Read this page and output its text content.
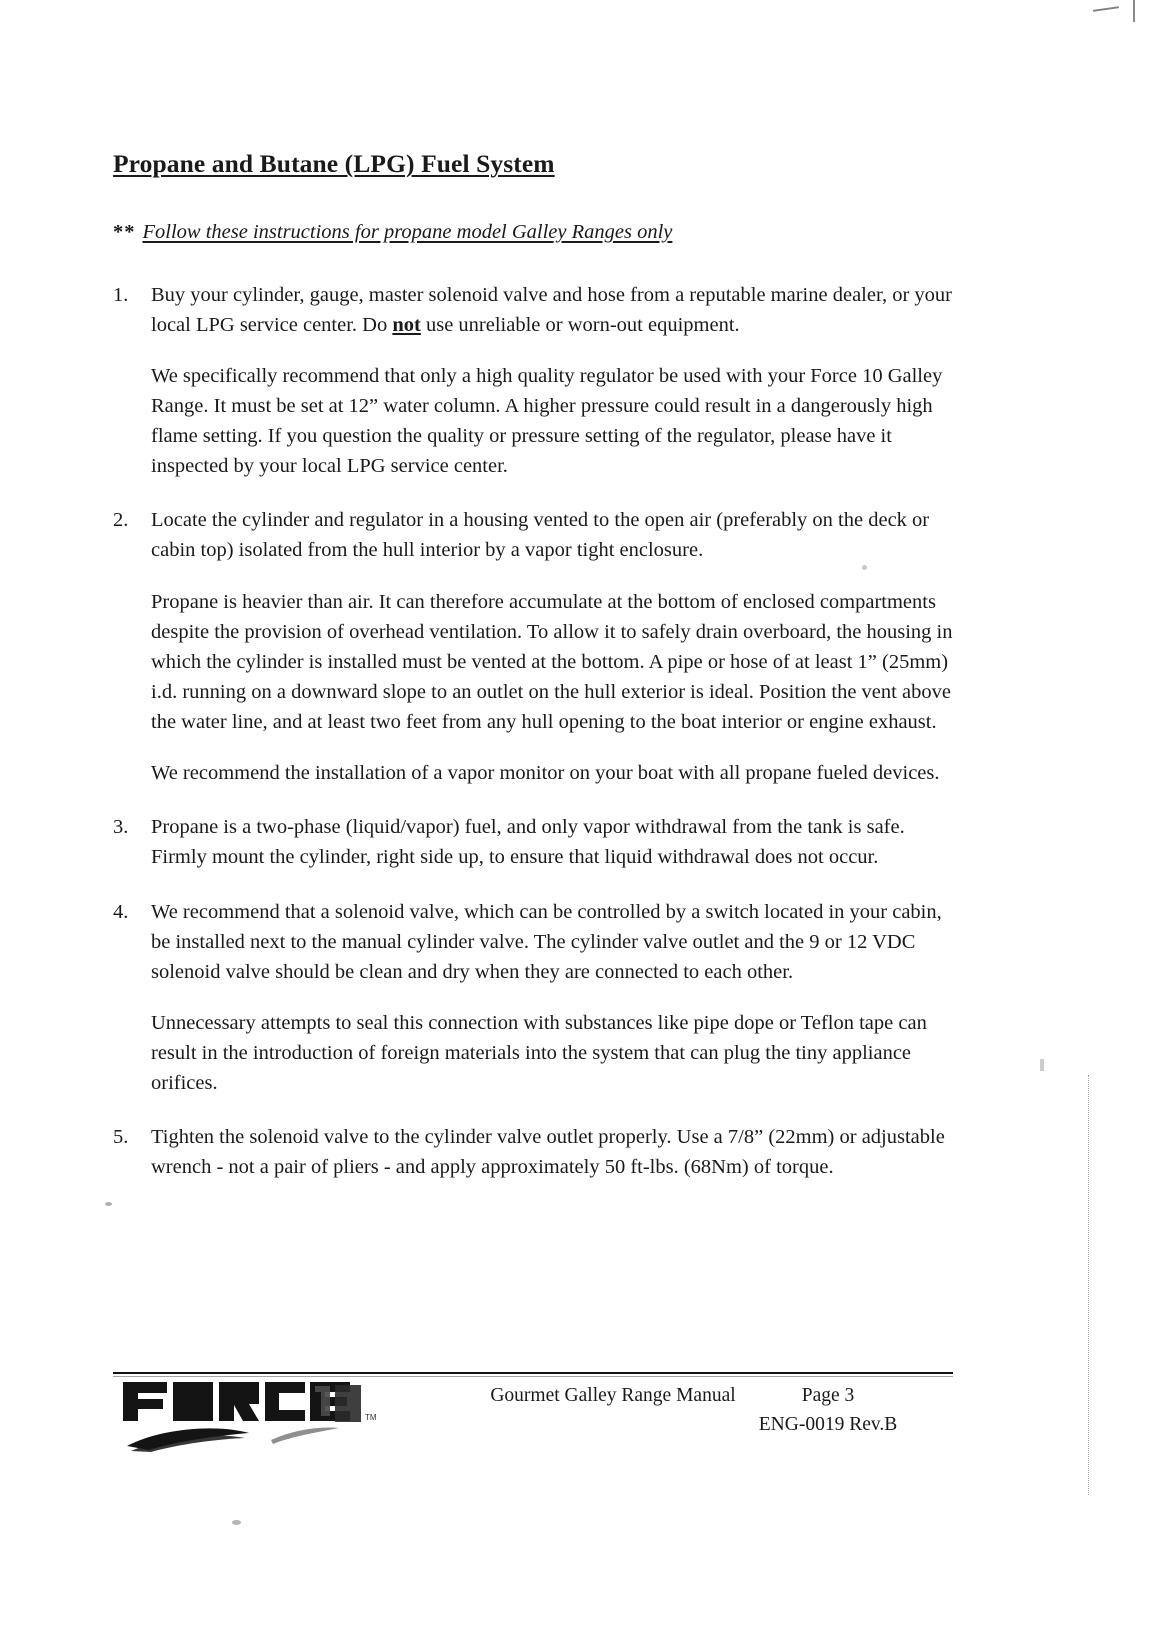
Propane and Butane (LPG) Fuel System
** Follow these instructions for propane model Galley Ranges only
1.	Buy your cylinder, gauge, master solenoid valve and hose from a reputable marine dealer, or your local LPG service center. Do not use unreliable or worn-out equipment.

We specifically recommend that only a high quality regulator be used with your Force 10 Galley Range. It must be set at 12” water column. A higher pressure could result in a dangerously high flame setting. If you question the quality or pressure setting of the regulator, please have it inspected by your local LPG service center.

2.	Locate the cylinder and regulator in a housing vented to the open air (preferably on the deck or cabin top) isolated from the hull interior by a vapor tight enclosure.

Propane is heavier than air. It can therefore accumulate at the bottom of enclosed compartments despite the provision of overhead ventilation. To allow it to safely drain overboard, the housing in which the cylinder is installed must be vented at the bottom. A pipe or hose of at least 1” (25mm) i.d. running on a downward slope to an outlet on the hull exterior is ideal. Position the vent above the water line, and at least two feet from any hull opening to the boat interior or engine exhaust.

We recommend the installation of a vapor monitor on your boat with all propane fueled devices.

3.	Propane is a two-phase (liquid/vapor) fuel, and only vapor withdrawal from the tank is safe. Firmly mount the cylinder, right side up, to ensure that liquid withdrawal does not occur.

4.	We recommend that a solenoid valve, which can be controlled by a switch located in your cabin, be installed next to the manual cylinder valve. The cylinder valve outlet and the 9 or 12 VDC solenoid valve should be clean and dry when they are connected to each other.

Unnecessary attempts to seal this connection with substances like pipe dope or Teflon tape can result in the introduction of foreign materials into the system that can plug the tiny appliance orifices.

5.	Tighten the solenoid valve to the cylinder valve outlet properly. Use a 7/8” (22mm) or adjustable wrench - not a pair of pliers - and apply approximately 50 ft-lbs. (68Nm) of torque.

TM
Gourmet Galley Range Manual	Page 3
ENG-0019 Rev.B
